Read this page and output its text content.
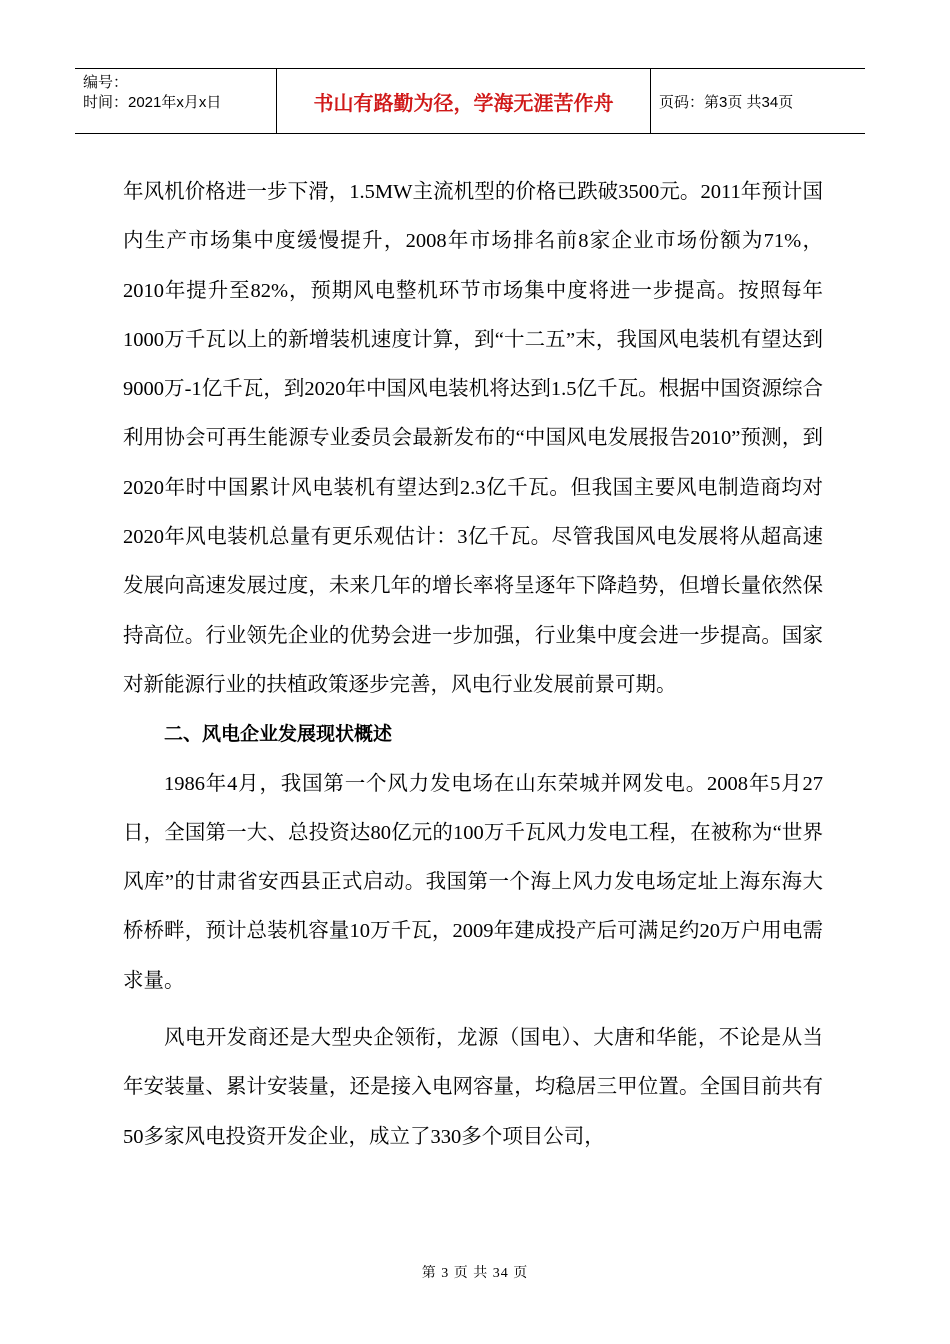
编号：
时间：2021年x月x日	书山有路勤为径，学海无涯苦作舟	页码：第3页 共34页

年风机价格进一步下滑，1.5MW主流机型的价格已跌破3500元。2011年预计国内生产市场集中度缓慢提升，2008年市场排名前8家企业市场份额为71%，2010年提升至82%，预期风电整机环节市场集中度将进一步提高。按照每年1000万千瓦以上的新增装机速度计算，到“十二五”末，我国风电装机有望达到9000万-1亿千瓦，到2020年中国风电装机将达到1.5亿千瓦。根据中国资源综合利用协会可再生能源专业委员会最新发布的“中国风电发展报告2010”预测，到2020年时中国累计风电装机有望达到2.3亿千瓦。但我国主要风电制造商均对2020年风电装机总量有更乐观估计：3亿千瓦。尽管我国风电发展将从超高速发展向高速发展过度，未来几年的增长率将呈逐年下降趋势，但增长量依然保持高位。行业领先企业的优势会进一步加强，行业集中度会进一步提高。国家对新能源行业的扶植政策逐步完善，风电行业发展前景可期。

二、风电企业发展现状概述

1986年4月，我国第一个风力发电场在山东荣城并网发电。2008年5月27日，全国第一大、总投资达80亿元的100万千瓦风力发电工程，在被称为“世界风库”的甘肃省安西县正式启动。我国第一个海上风力发电场定址上海东海大桥桥畔，预计总装机容量10万千瓦，2009年建成投产后可满足约20万户用电需求量。

风电开发商还是大型央企领衔，龙源（国电）、大唐和华能，不论是从当年安装量、累计安装量，还是接入电网容量，均稳居三甲位置。全国目前共有50多家风电投资开发企业，成立了330多个项目公司，

第 3 页 共 34 页
